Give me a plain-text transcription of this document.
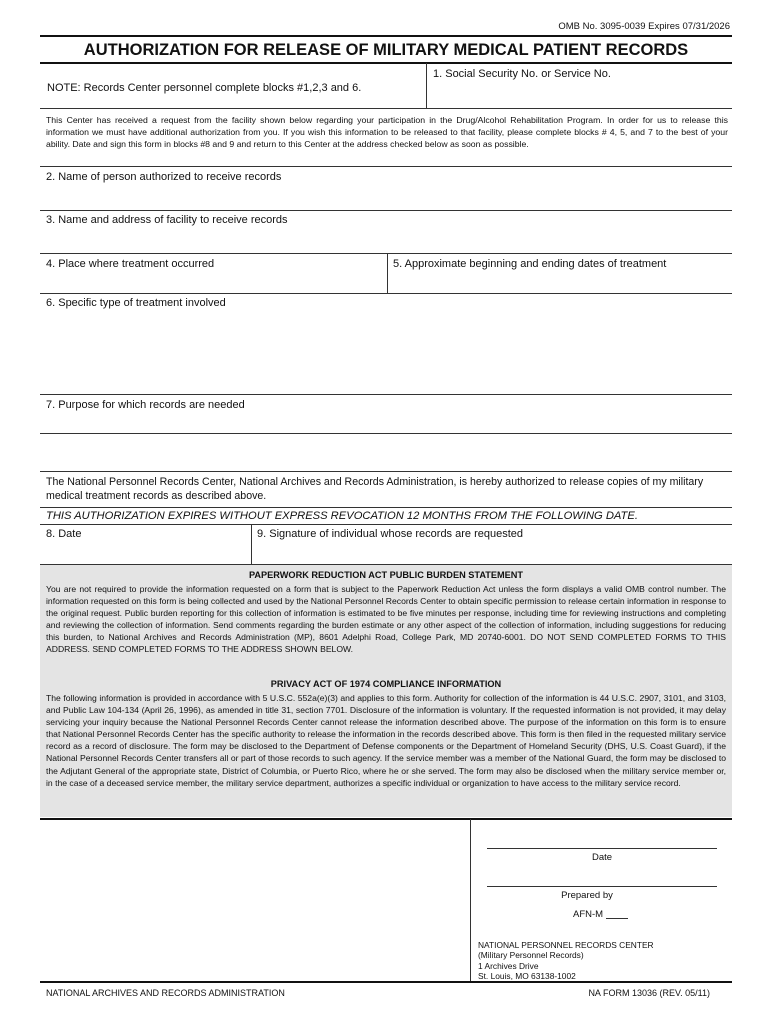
OMB No. 3095-0039 Expires 07/31/2026
AUTHORIZATION FOR RELEASE OF MILITARY MEDICAL PATIENT RECORDS
NOTE: Records Center personnel complete blocks #1,2,3 and 6.
1. Social Security No. or Service No.
This Center has received a request from the facility shown below regarding your participation in the Drug/Alcohol Rehabilitation Program. In order for us to release this information we must have additional authorization from you. If you wish this information to be released to that facility, please complete blocks # 4, 5, and 7 to the best of your ability. Date and sign this form in blocks #8 and 9 and return to this Center at the address checked below as soon as possible.
2. Name of person authorized to receive records
3. Name and address of facility to receive records
4. Place where treatment occurred	5. Approximate beginning and ending dates of treatment
6. Specific type of treatment involved
7. Purpose for which records are needed
The National Personnel Records Center, National Archives and Records Administration, is hereby authorized to release copies of my military medical treatment records as described above.
THIS AUTHORIZATION EXPIRES WITHOUT EXPRESS REVOCATION 12 MONTHS FROM THE FOLLOWING DATE.
8. Date	9. Signature of individual whose records are requested
PAPERWORK REDUCTION ACT PUBLIC BURDEN STATEMENT
You are not required to provide the information requested on a form that is subject to the Paperwork Reduction Act unless the form displays a valid OMB control number. The information requested on this form is being collected and used by the National Personnel Records Center to obtain specific permission to release certain information in response to the original request. Public burden reporting for this collection of information is estimated to be five minutes per response, including time for reviewing instructions and completing and reviewing the collection of information. Send comments regarding the burden estimate or any other aspect of the collection of information, including suggestions for reducing this burden, to National Archives and Records Administration (MP), 8601 Adelphi Road, College Park, MD 20740-6001. DO NOT SEND COMPLETED FORMS TO THIS ADDRESS. SEND COMPLETED FORMS TO THE ADDRESS SHOWN BELOW.
PRIVACY ACT OF 1974 COMPLIANCE INFORMATION
The following information is provided in accordance with 5 U.S.C. 552a(e)(3) and applies to this form. Authority for collection of the information is 44 U.S.C. 2907, 3101, and 3103, and Public Law 104-134 (April 26, 1996), as amended in title 31, section 7701. Disclosure of the information is voluntary. If the requested information is not provided, it may delay servicing your inquiry because the National Personnel Records Center cannot release the information described above. The purpose of the information on this form is to ensure that National Personnel Records Center has the specific authority to release the information in the records described above. This form is then filed in the requested military service record as a record of disclosure. The form may be disclosed to the Department of Defense components or the Department of Homeland Security (DHS, U.S. Coast Guard), if the National Personnel Records Center transfers all or part of those records to such agency. If the service member was a member of the National Guard, the form may be disclosed to the Adjutant General of the appropriate state, District of Columbia, or Puerto Rico, where he or she served. The form may also be disclosed when the military service member or, in the case of a deceased service member, the military service department, authorizes a specific individual or organization to have access to the military service record.
Date
Prepared by
AFN-M
NATIONAL PERSONNEL RECORDS CENTER
(Military Personnel Records)
1 Archives Drive
St. Louis, MO 63138-1002
NATIONAL ARCHIVES AND RECORDS ADMINISTRATION	NA FORM 13036 (REV. 05/11)
